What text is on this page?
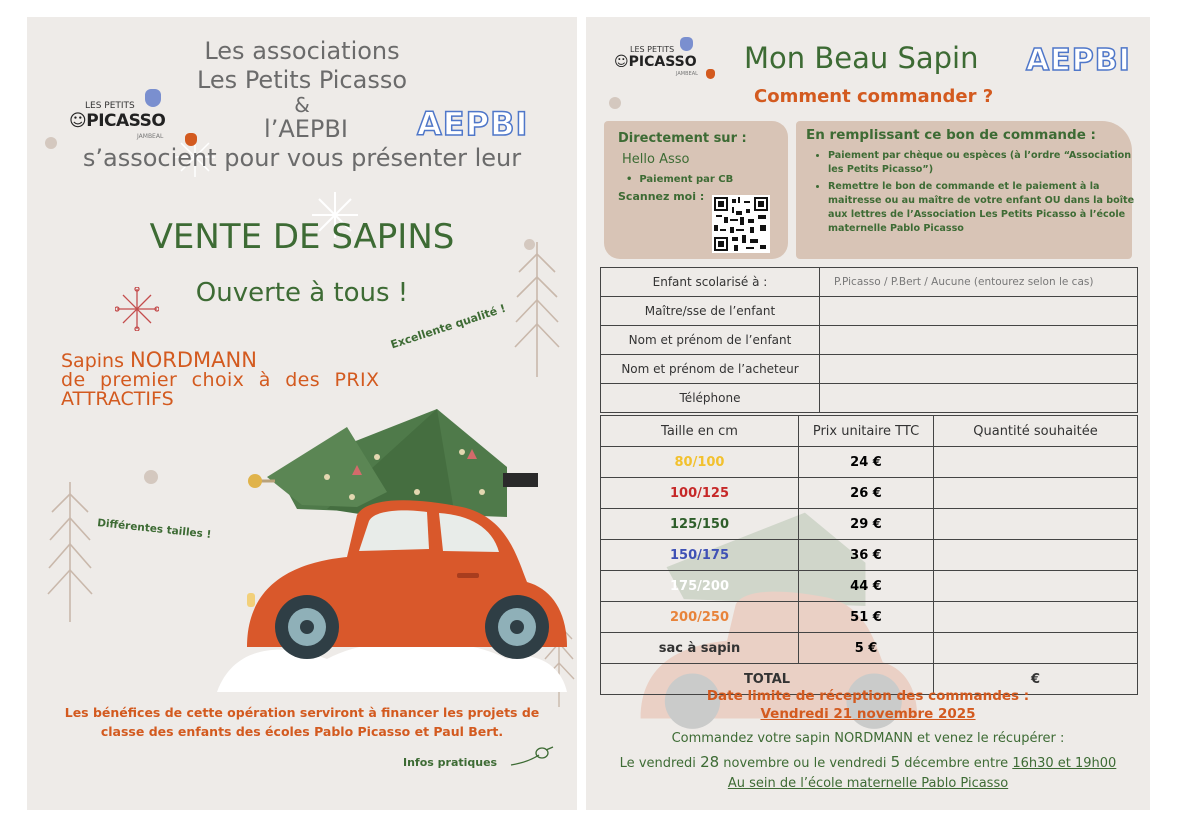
LES PETITS
☺PICASSO
JAMBEAL	AEPBI
Les associations
Les Petits Picasso
&
l’AEPBI
s’associent pour vous présenter leur
VENTE DE SAPINS
Ouverte à tous !
Excellente qualité !
Sapins NORDMANN
de premier choix à des PRIX
ATTRACTIFS
Différentes tailles !
Les bénéfices de cette opération serviront à financer les projets de classe des enfants des écoles Pablo Picasso et Paul Bert.
Infos pratiques
LES PETITS
☺PICASSO
JAMBEAL	AEPBI
Mon Beau Sapin
Comment commander ?
Directement sur :
Hello Asso
•  Paiement par CB
Scannez moi :
En remplissant ce bon de commande :
• Paiement par chèque ou espèces (à l’ordre “Association les Petits Picasso”)
• Remettre le bon de commande et le paiement à la maitresse ou au maître de votre enfant OU dans la boîte aux lettres de l’Association Les Petits Picasso à l’école maternelle Pablo Picasso
Enfant scolarisé à :	P.Picasso / P.Bert / Aucune (entourez selon le cas)
Maître/sse de l’enfant	
Nom et prénom de l’enfant	
Nom et prénom de l’acheteur	
Téléphone	
Taille en cm	Prix unitaire TTC	Quantité souhaitée
80/100	24 €	
100/125	26 €	
125/150	29 €	
150/175	36 €	
175/200	44 €	
200/250	51 €	
sac à sapin	5 €	
TOTAL		€
Date limite de réception des commandes :
Vendredi 21 novembre 2025
Commandez votre sapin NORDMANN et venez le récupérer :
Le vendredi 28 novembre ou le vendredi 5 décembre entre 16h30 et 19h00
Au sein de l’école maternelle Pablo Picasso
